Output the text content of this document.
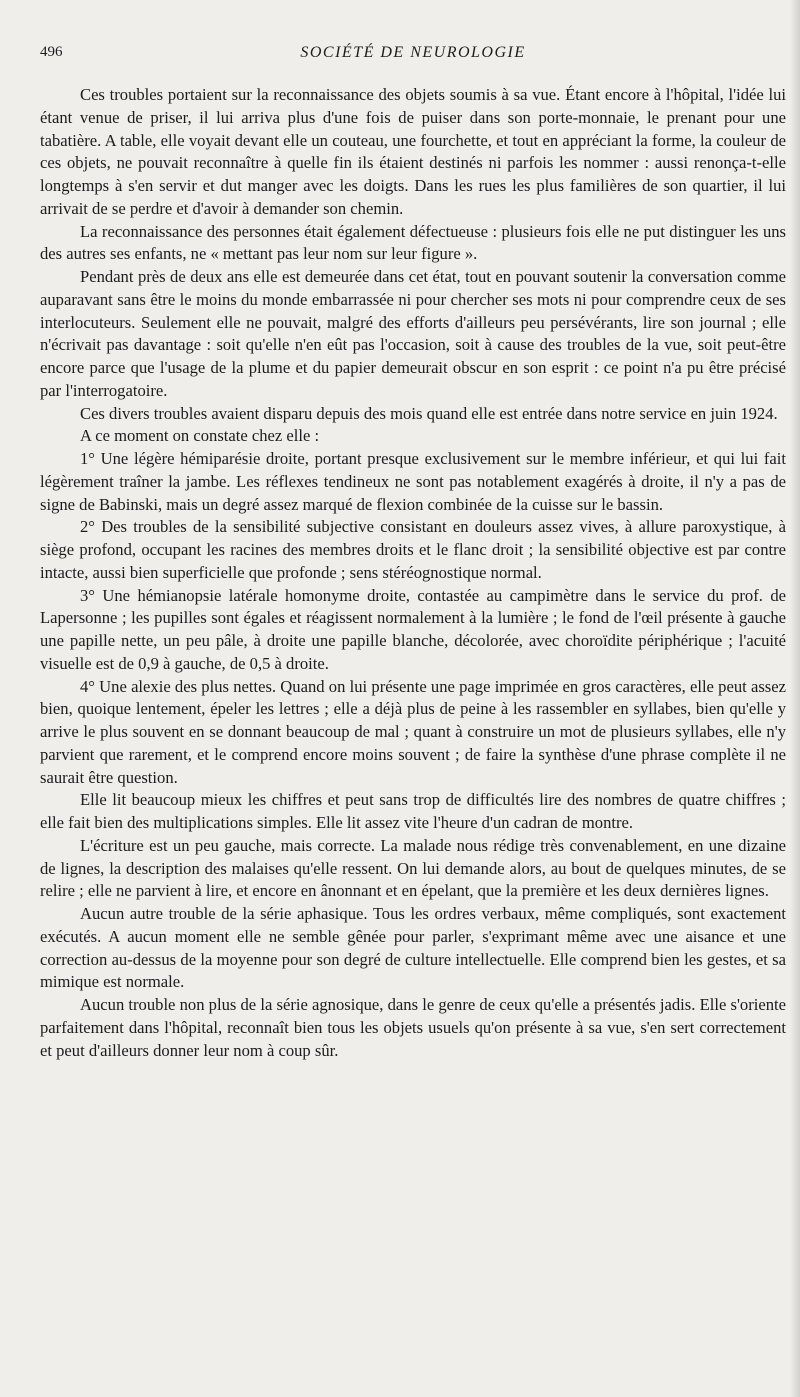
496	SOCIÉTÉ DE NEUROLOGIE

Ces troubles portaient sur la reconnaissance des objets soumis à sa vue. Étant encore à l'hôpital, l'idée lui étant venue de priser, il lui arriva plus d'une fois de puiser dans son porte-monnaie, le prenant pour une tabatière. A table, elle voyait devant elle un couteau, une fourchette, et tout en appréciant la forme, la couleur de ces objets, ne pouvait reconnaître à quelle fin ils étaient destinés ni parfois les nommer : aussi renonça-t-elle longtemps à s'en servir et dut manger avec les doigts. Dans les rues les plus familières de son quartier, il lui arrivait de se perdre et d'avoir à demander son chemin.

La reconnaissance des personnes était également défectueuse : plusieurs fois elle ne put distinguer les uns des autres ses enfants, ne « mettant pas leur nom sur leur figure ».

Pendant près de deux ans elle est demeurée dans cet état, tout en pouvant soutenir la conversation comme auparavant sans être le moins du monde embarrassée ni pour chercher ses mots ni pour comprendre ceux de ses interlocuteurs. Seulement elle ne pouvait, malgré des efforts d'ailleurs peu persévérants, lire son journal ; elle n'écrivait pas davantage : soit qu'elle n'en eût pas l'occasion, soit à cause des troubles de la vue, soit peut-être encore parce que l'usage de la plume et du papier demeurait obscur en son esprit : ce point n'a pu être précisé par l'interrogatoire.

Ces divers troubles avaient disparu depuis des mois quand elle est entrée dans notre service en juin 1924.

A ce moment on constate chez elle :

1° Une légère hémiparésie droite, portant presque exclusivement sur le membre inférieur, et qui lui fait légèrement traîner la jambe. Les réflexes tendineux ne sont pas notablement exagérés à droite, il n'y a pas de signe de Babinski, mais un degré assez marqué de flexion combinée de la cuisse sur le bassin.

2° Des troubles de la sensibilité subjective consistant en douleurs assez vives, à allure paroxystique, à siège profond, occupant les racines des membres droits et le flanc droit ; la sensibilité objective est par contre intacte, aussi bien superficielle que profonde ; sens stéréognostique normal.

3° Une hémianopsie latérale homonyme droite, contastée au campimètre dans le service du prof. de Lapersonne ; les pupilles sont égales et réagissent normalement à la lumière ; le fond de l'œil présente à gauche une papille nette, un peu pâle, à droite une papille blanche, décolorée, avec choroïdite périphérique ; l'acuité visuelle est de 0,9 à gauche, de 0,5 à droite.

4° Une alexie des plus nettes. Quand on lui présente une page imprimée en gros caractères, elle peut assez bien, quoique lentement, épeler les lettres ; elle a déjà plus de peine à les rassembler en syllabes, bien qu'elle y arrive le plus souvent en se donnant beaucoup de mal ; quant à construire un mot de plusieurs syllabes, elle n'y parvient que rarement, et le comprend encore moins souvent ; de faire la synthèse d'une phrase complète il ne saurait être question.

Elle lit beaucoup mieux les chiffres et peut sans trop de difficultés lire des nombres de quatre chiffres ; elle fait bien des multiplications simples. Elle lit assez vite l'heure d'un cadran de montre.

L'écriture est un peu gauche, mais correcte. La malade nous rédige très convenablement, en une dizaine de lignes, la description des malaises qu'elle ressent. On lui demande alors, au bout de quelques minutes, de se relire ; elle ne parvient à lire, et encore en ânonnant et en épelant, que la première et les deux dernières lignes.

Aucun autre trouble de la série aphasique. Tous les ordres verbaux, même compliqués, sont exactement exécutés. A aucun moment elle ne semble gênée pour parler, s'exprimant même avec une aisance et une correction au-dessus de la moyenne pour son degré de culture intellectuelle. Elle comprend bien les gestes, et sa mimique est normale.

Aucun trouble non plus de la série agnosique, dans le genre de ceux qu'elle a présentés jadis. Elle s'oriente parfaitement dans l'hôpital, reconnaît bien tous les objets usuels qu'on présente à sa vue, s'en sert correctement et peut d'ailleurs donner leur nom à coup sûr.
